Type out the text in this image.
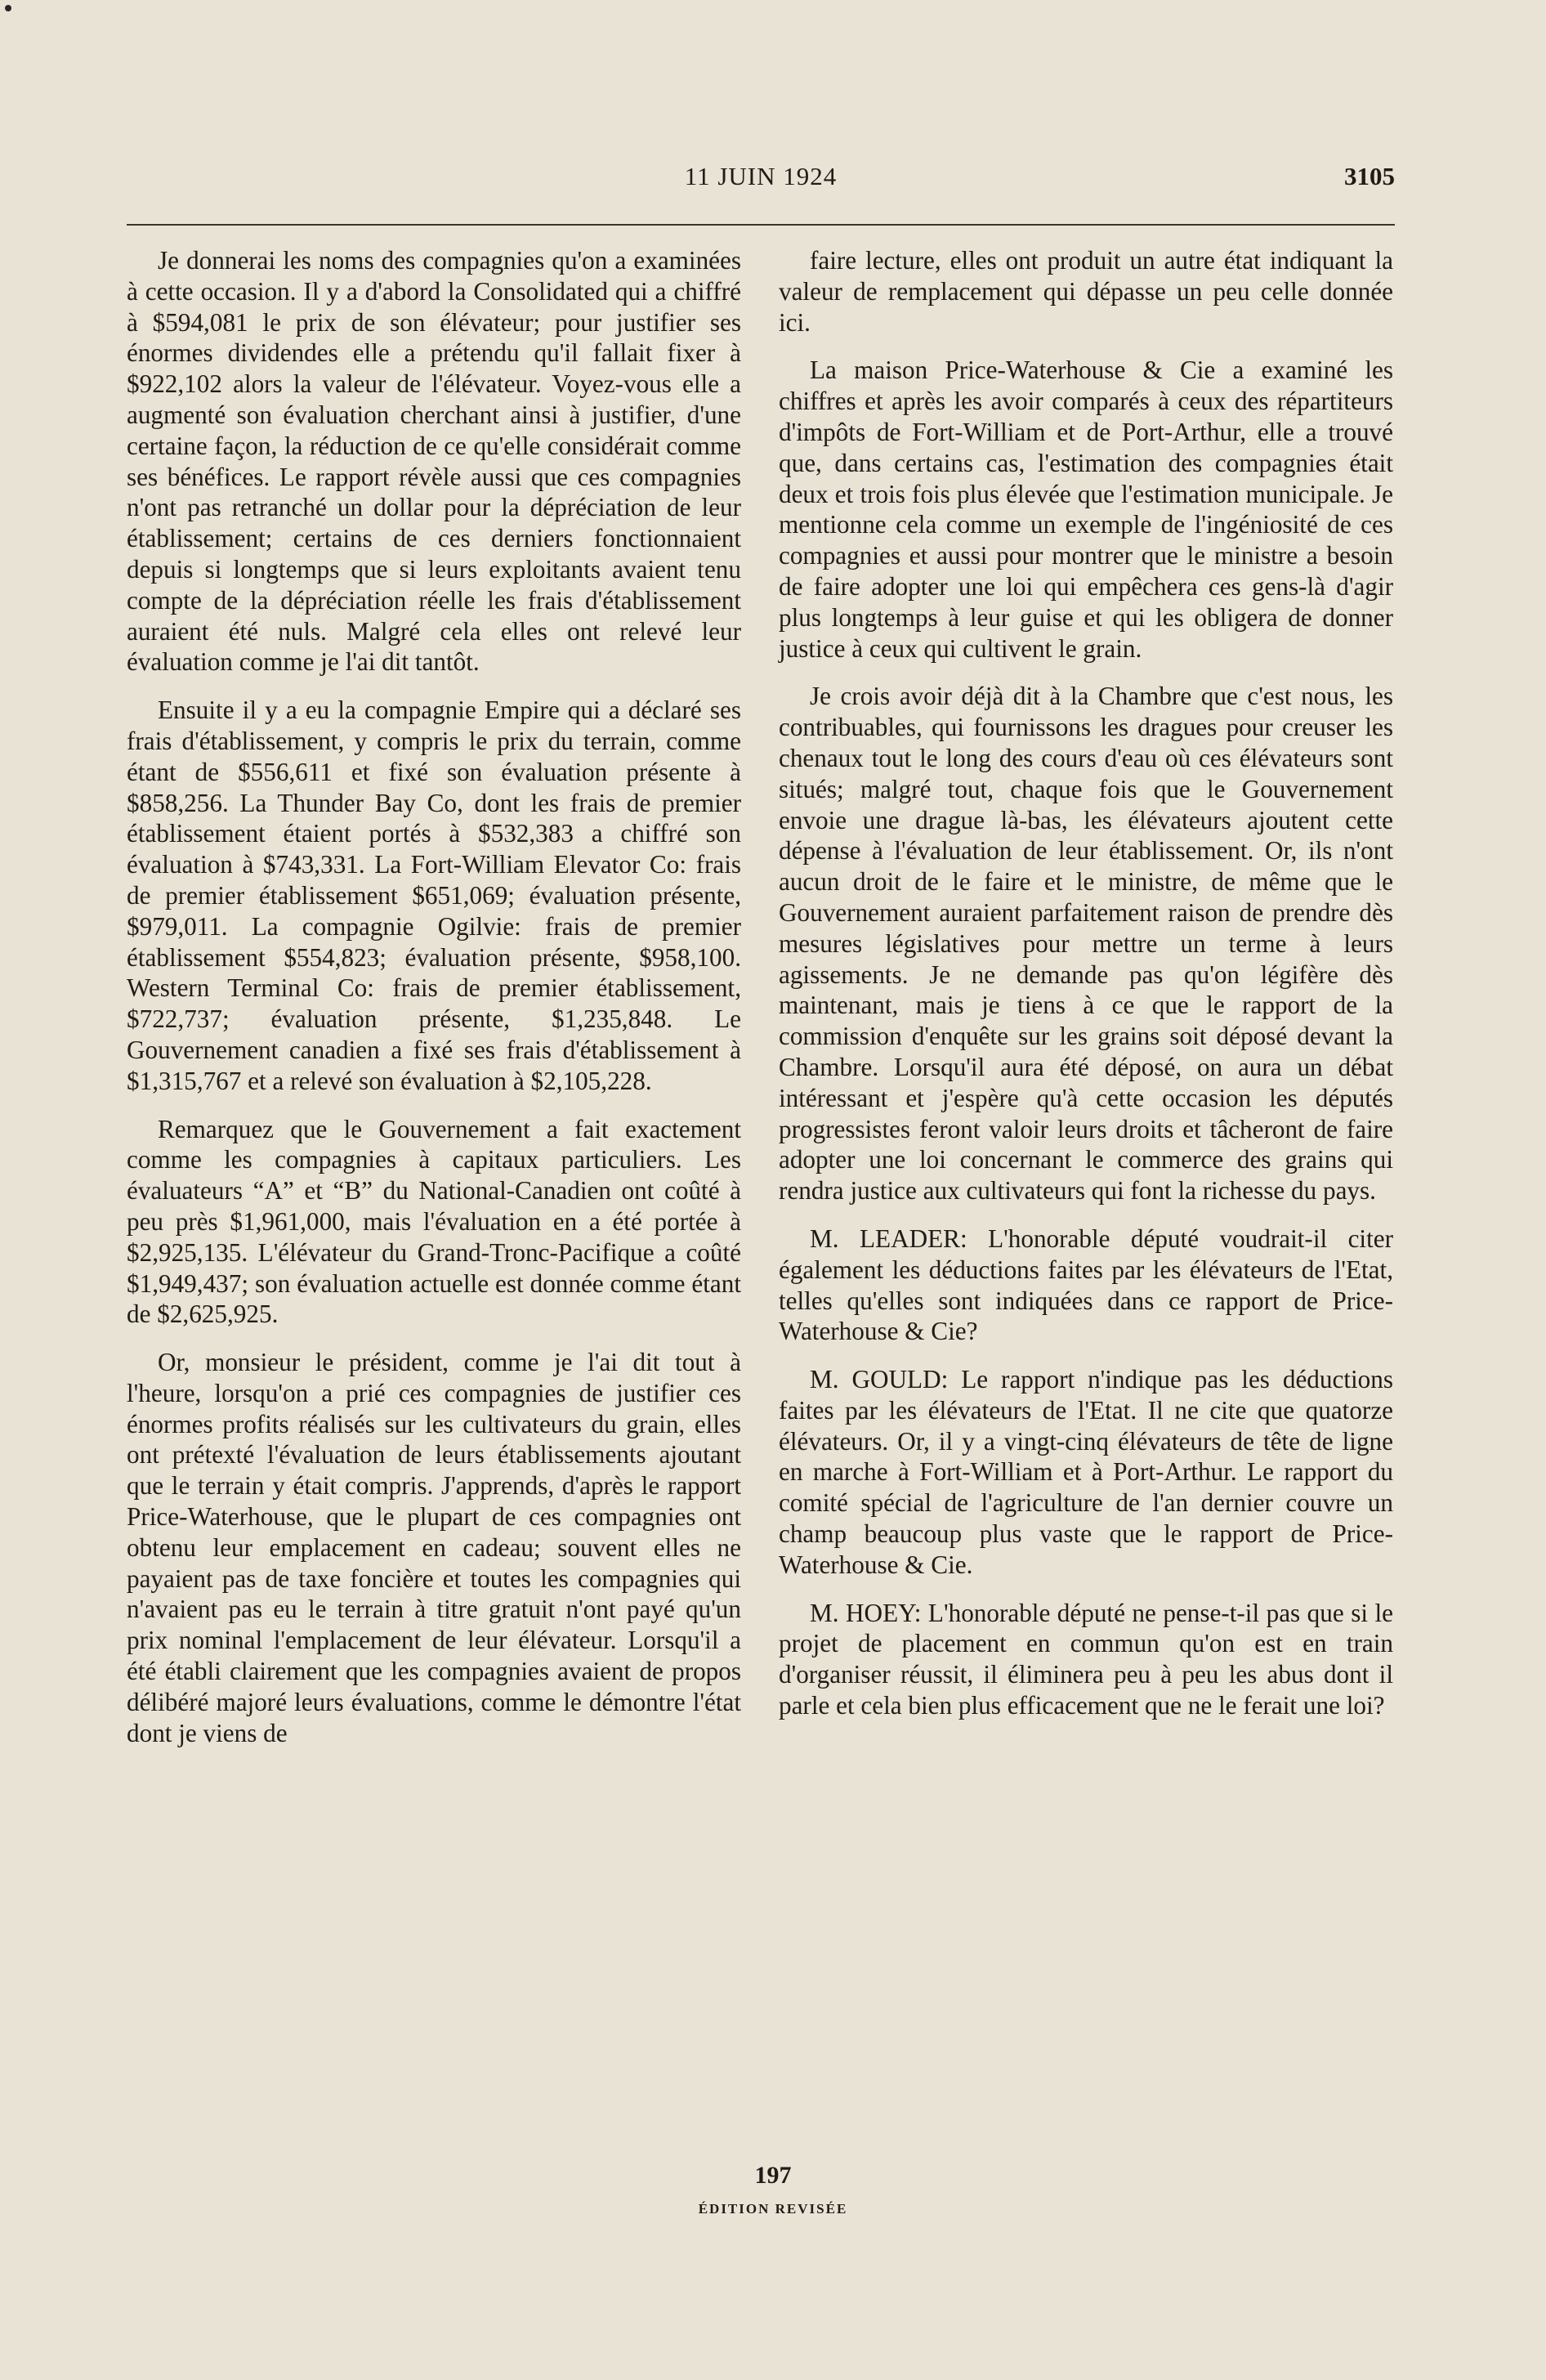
11 JUIN 1924	3105

Je donnerai les noms des compagnies qu'on a examinées à cette occasion. Il y a d'abord la Consolidated qui a chiffré à $594,081 le prix de son élévateur; pour justifier ses énormes dividendes elle a prétendu qu'il fallait fixer à $922,102 alors la valeur de l'élévateur. Voyez-vous elle a augmenté son évaluation cherchant ainsi à justifier, d'une certaine façon, la réduction de ce qu'elle considérait comme ses bénéfices. Le rapport révèle aussi que ces compagnies n'ont pas retranché un dollar pour la dépréciation de leur établissement; certains de ces derniers fonctionnaient depuis si longtemps que si leurs exploitants avaient tenu compte de la dépréciation réelle les frais d'établissement auraient été nuls. Malgré cela elles ont relevé leur évaluation comme je l'ai dit tantôt.

Ensuite il y a eu la compagnie Empire qui a déclaré ses frais d'établissement, y compris le prix du terrain, comme étant de $556,611 et fixé son évaluation présente à $858,256. La Thunder Bay Co, dont les frais de premier établissement étaient portés à $532,383 a chiffré son évaluation à $743,331. La Fort-William Elevator Co: frais de premier établissement $651,069; évaluation présente, $979,011. La compagnie Ogilvie: frais de premier établissement $554,823; évaluation présente, $958,100. Western Terminal Co: frais de premier établissement, $722,737; évaluation présente, $1,235,848. Le Gouvernement canadien a fixé ses frais d'établissement à $1,315,767 et a relevé son évaluation à $2,105,228.

Remarquez que le Gouvernement a fait exactement comme les compagnies à capitaux particuliers. Les évaluateurs “A” et “B” du National-Canadien ont coûté à peu près $1,961,000, mais l'évaluation en a été portée à $2,925,135. L'élévateur du Grand-Tronc-Pacifique a coûté $1,949,437; son évaluation actuelle est donnée comme étant de $2,625,925.

Or, monsieur le président, comme je l'ai dit tout à l'heure, lorsqu'on a prié ces compagnies de justifier ces énormes profits réalisés sur les cultivateurs du grain, elles ont prétexté l'évaluation de leurs établissements ajoutant que le terrain y était compris. J'apprends, d'après le rapport Price-Waterhouse, que le plupart de ces compagnies ont obtenu leur emplacement en cadeau; souvent elles ne payaient pas de taxe foncière et toutes les compagnies qui n'avaient pas eu le terrain à titre gratuit n'ont payé qu'un prix nominal l'emplacement de leur élévateur. Lorsqu'il a été établi clairement que les compagnies avaient de propos délibéré majoré leurs évaluations, comme le démontre l'état dont je viens de

faire lecture, elles ont produit un autre état indiquant la valeur de remplacement qui dépasse un peu celle donnée ici.

La maison Price-Waterhouse & Cie a examiné les chiffres et après les avoir comparés à ceux des répartiteurs d'impôts de Fort-William et de Port-Arthur, elle a trouvé que, dans certains cas, l'estimation des compagnies était deux et trois fois plus élevée que l'estimation municipale. Je mentionne cela comme un exemple de l'ingéniosité de ces compagnies et aussi pour montrer que le ministre a besoin de faire adopter une loi qui empêchera ces gens-là d'agir plus longtemps à leur guise et qui les obligera de donner justice à ceux qui cultivent le grain.

Je crois avoir déjà dit à la Chambre que c'est nous, les contribuables, qui fournissons les dragues pour creuser les chenaux tout le long des cours d'eau où ces élévateurs sont situés; malgré tout, chaque fois que le Gouvernement envoie une drague là-bas, les élévateurs ajoutent cette dépense à l'évaluation de leur établissement. Or, ils n'ont aucun droit de le faire et le ministre, de même que le Gouvernement auraient parfaitement raison de prendre dès mesures législatives pour mettre un terme à leurs agissements. Je ne demande pas qu'on légifère dès maintenant, mais je tiens à ce que le rapport de la commission d'enquête sur les grains soit déposé devant la Chambre. Lorsqu'il aura été déposé, on aura un débat intéressant et j'espère qu'à cette occasion les députés progressistes feront valoir leurs droits et tâcheront de faire adopter une loi concernant le commerce des grains qui rendra justice aux cultivateurs qui font la richesse du pays.

M. LEADER: L'honorable député voudrait-il citer également les déductions faites par les élévateurs de l'Etat, telles qu'elles sont indiquées dans ce rapport de Price-Waterhouse & Cie?

M. GOULD: Le rapport n'indique pas les déductions faites par les élévateurs de l'Etat. Il ne cite que quatorze élévateurs. Or, il y a vingt-cinq élévateurs de tête de ligne en marche à Fort-William et à Port-Arthur. Le rapport du comité spécial de l'agriculture de l'an dernier couvre un champ beaucoup plus vaste que le rapport de Price-Waterhouse & Cie.

M. HOEY: L'honorable député ne pense-t-il pas que si le projet de placement en commun qu'on est en train d'organiser réussit, il éliminera peu à peu les abus dont il parle et cela bien plus efficacement que ne le ferait une loi?

197
ÉDITION REVISÉE
